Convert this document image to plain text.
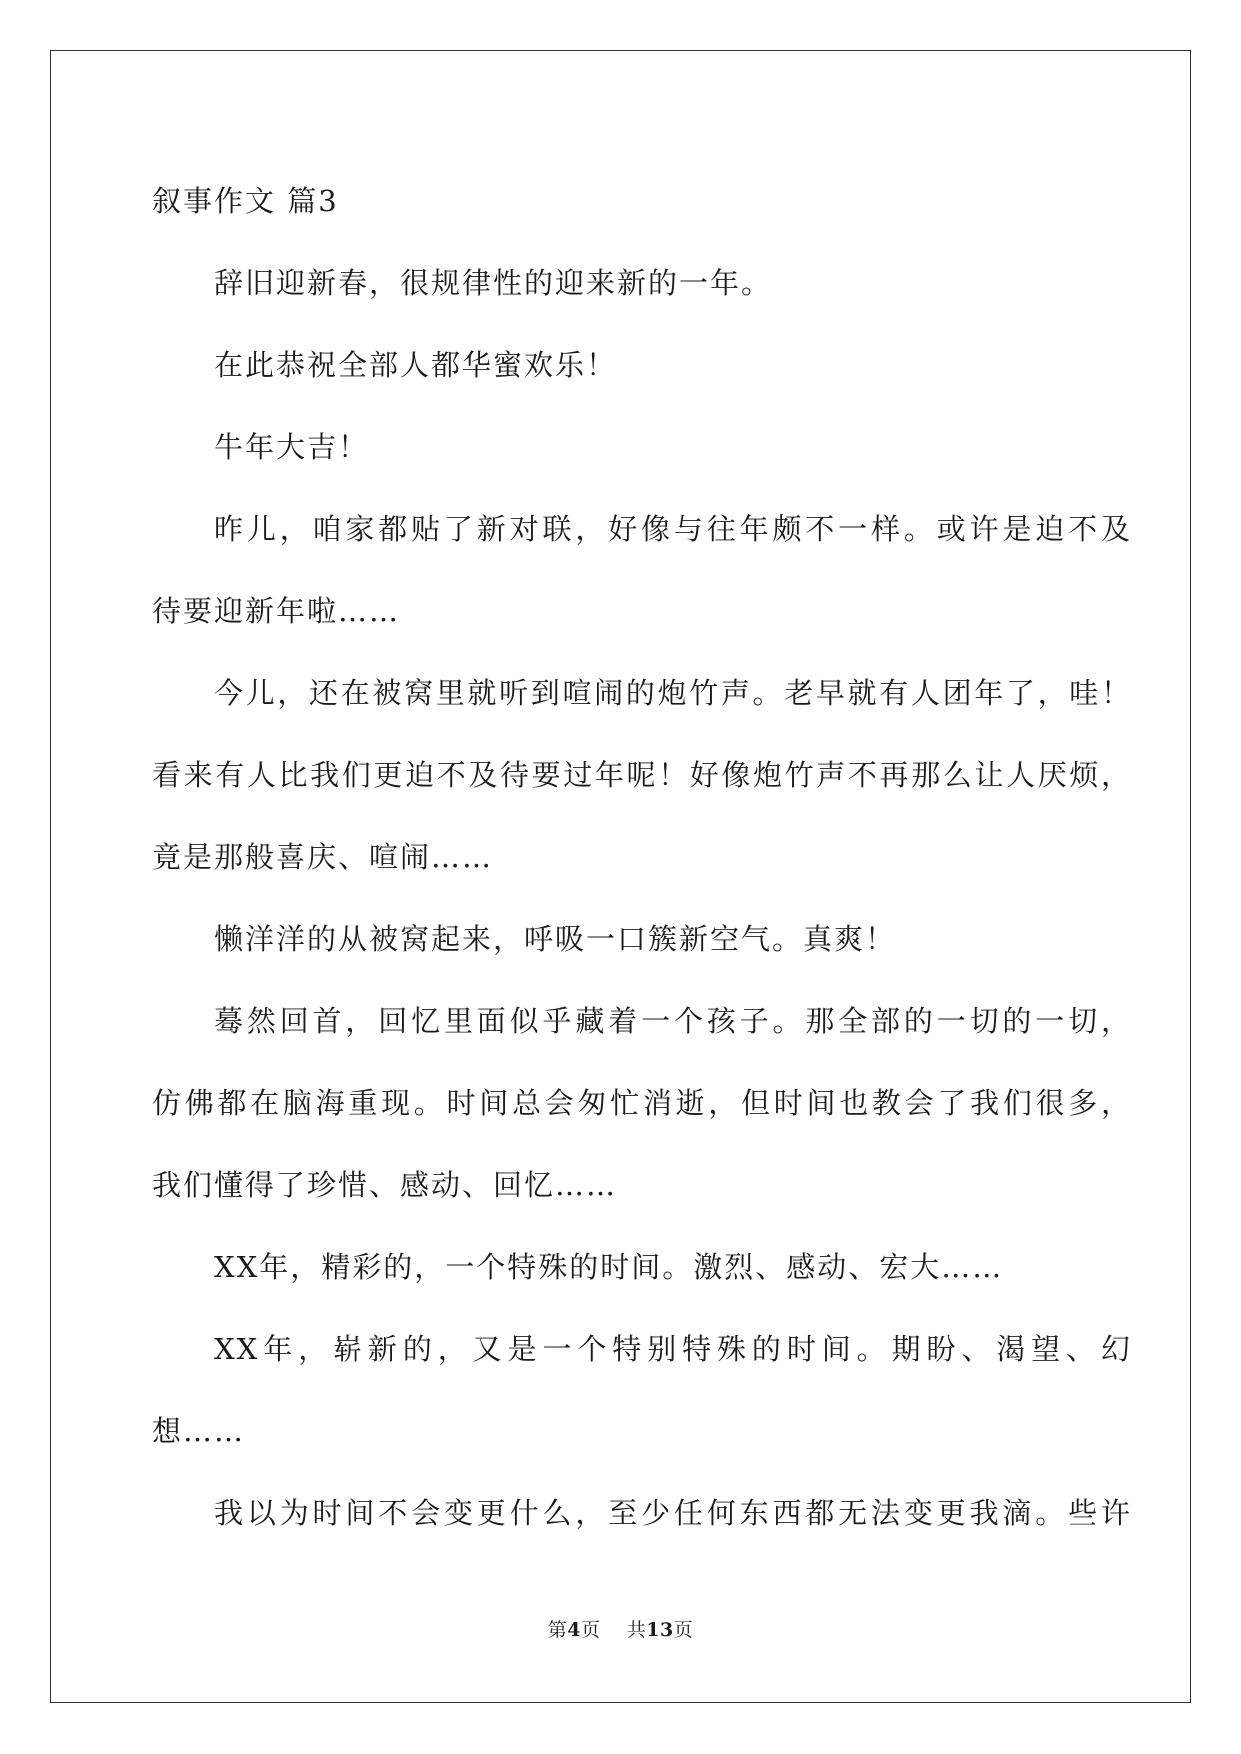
叙事作文 篇3
辞旧迎新春，很规律性的迎来新的一年。
在此恭祝全部人都华蜜欢乐！
牛年大吉！
昨儿，咱家都贴了新对联，好像与往年颇不一样。或许是迫不及
待要迎新年啦……
今儿，还在被窝里就听到喧闹的炮竹声。老早就有人团年了，哇！
看来有人比我们更迫不及待要过年呢！好像炮竹声不再那么让人厌烦，
竟是那般喜庆、喧闹……
懒洋洋的从被窝起来，呼吸一口簇新空气。真爽！
蓦然回首，回忆里面似乎藏着一个孩子。那全部的一切的一切，
仿佛都在脑海重现。时间总会匆忙消逝，但时间也教会了我们很多，
我们懂得了珍惜、感动、回忆……
XX年，精彩的，一个特殊的时间。激烈、感动、宏大……
XX年，崭新的，又是一个特别特殊的时间。期盼、渴望、幻
想……
我以为时间不会变更什么，至少任何东西都无法变更我滴。些许
第4页 共13页
